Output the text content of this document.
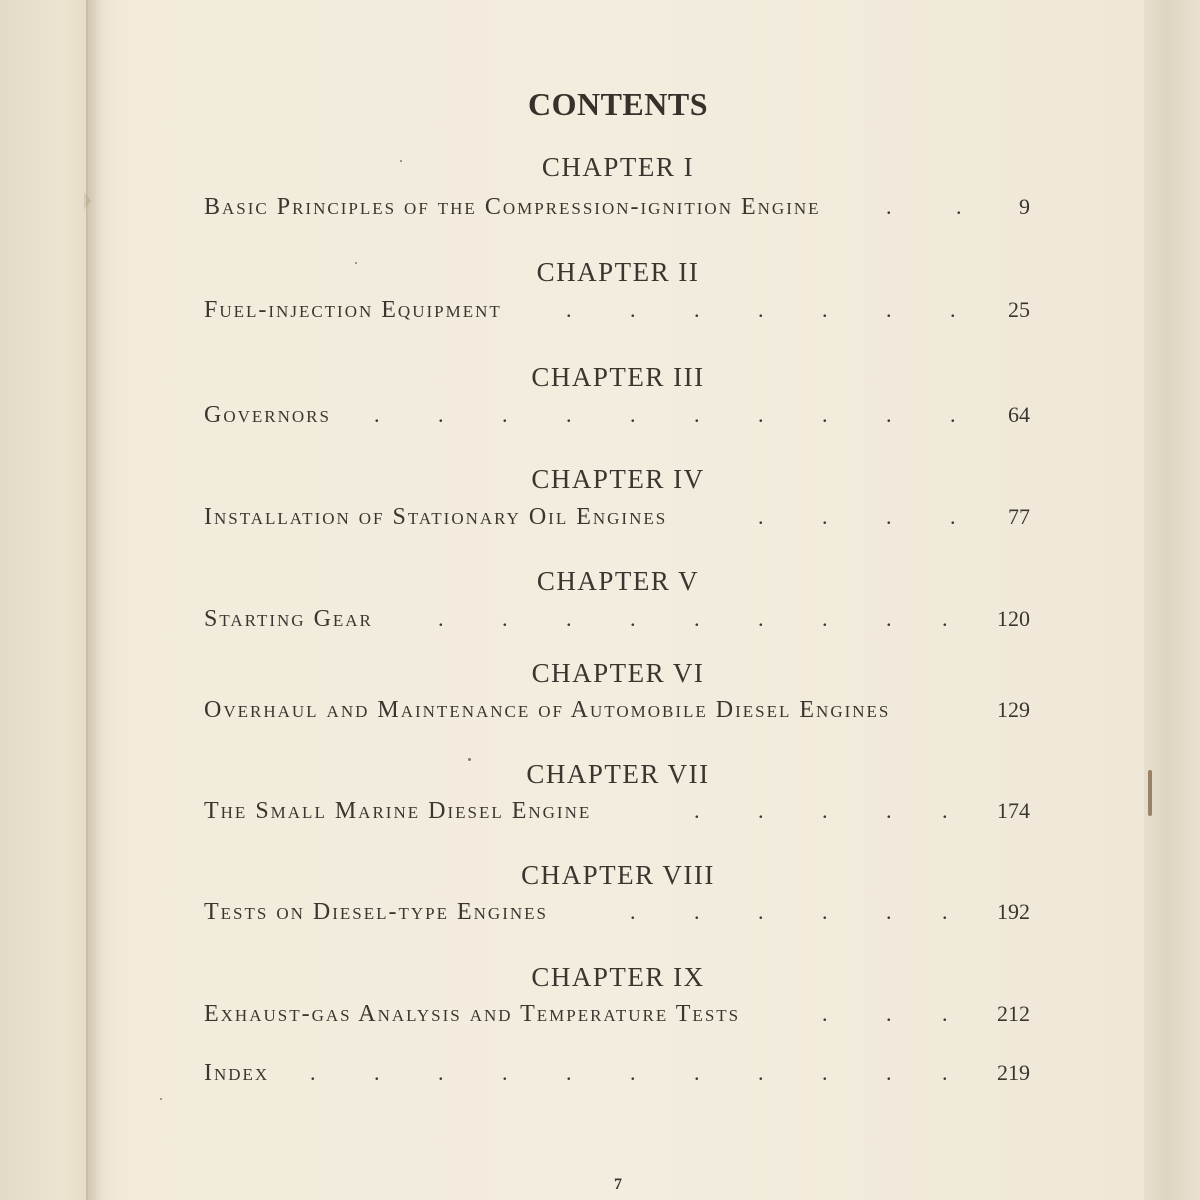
CONTENTS
CHAPTER I
Basic Principles of the Compression-ignition Engine	.	.	9
CHAPTER II
Fuel-injection Equipment	.	.	.	.	.	.	. 25
CHAPTER III
Governors .	.	.	.	.	.	.	.	.	. 64
CHAPTER IV
Installation of Stationary Oil Engines	.	.	.	. 77
CHAPTER V
Starting Gear	.	.	.	.	.	.	.	. . 120
CHAPTER VI
Overhaul and Maintenance of Automobile Diesel Engines	129
CHAPTER VII
The Small Marine Diesel Engine	.	.	.	. . 174
CHAPTER VIII
Tests on Diesel-type Engines	.	.	.	.	. . 192
CHAPTER IX
Exhaust-gas Analysis and Temperature Tests	.	. . 212
Index .	.	.	.	.	.	.	.	.	. . 219
7
